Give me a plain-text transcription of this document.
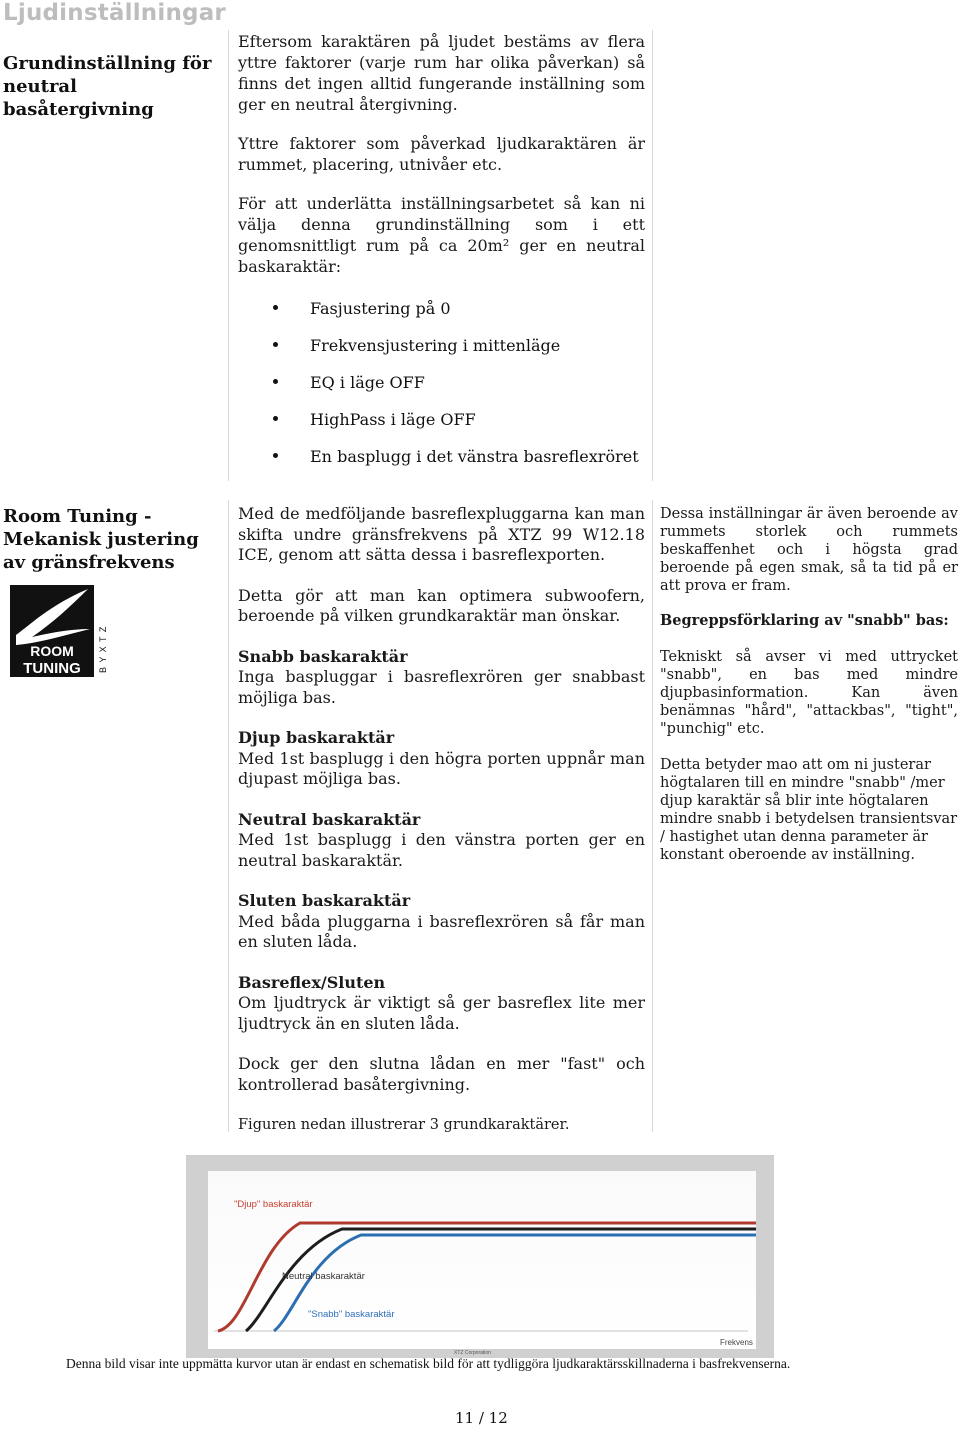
Ljudinställningar
Grundinställning för neutral basåtergivning

Eftersom karaktären på ljudet bestäms av flera yttre faktorer (varje rum har olika påverkan) så finns det ingen alltid fungerande inställning som ger en neutral återgivning.

Yttre faktorer som påverkad ljudkaraktären är rummet, placering, utnivåer etc.

För att underlätta inställningsarbetet så kan ni välja denna grundinställning som i ett genomsnittligt rum på ca 20m² ger en neutral baskaraktär:

Fasjustering på 0
Frekvensjustering i mittenläge
EQ i läge OFF
HighPass i läge OFF
En basplugg i det vänstra basreflexröret
Room Tuning - Mekanisk justering av gränsfrekvens
ROOM
TUNING B Y X T Z

Med de medföljande basreflexpluggarna kan man skifta undre gränsfrekvens på XTZ 99 W12.18 ICE, genom att sätta dessa i basreflexporten.

Detta gör att man kan optimera subwoofern, beroende på vilken grundkaraktär man önskar.

Snabb baskaraktär

Inga baspluggar i basreflexrören ger snabbast möjliga bas.

Djup baskaraktär

Med 1st basplugg i den högra porten uppnår man djupast möjliga bas.

Neutral baskaraktär

Med 1st basplugg i den vänstra porten ger en neutral baskaraktär.

Sluten baskaraktär

Med båda pluggarna i basreflexrören så får man en sluten låda.

Basreflex/Sluten

Om ljudtryck är viktigt så ger basreflex lite mer ljudtryck än en sluten låda.

Dock ger den slutna lådan en mer "fast" och kontrollerad basåtergivning.

Figuren nedan illustrerar 3 grundkaraktärer.

Dessa inställningar är även beroende av rummets storlek och rummets beskaffenhet och i högsta grad beroende på egen smak, så ta tid på er att prova er fram.

Begreppsförklaring av "snabb" bas:

Tekniskt så avser vi med uttrycket "snabb", en bas med mindre djupbasinformation. Kan även benämnas "hård", "attackbas", "tight", "punchig" etc.

Detta betyder mao att om ni justerar högtalaren till en mindre "snabb" /mer djup karaktär så blir inte högtalaren mindre snabb i betydelsen transientsvar / hastighet utan denna parameter är konstant oberoende av inställning.

"Djup" baskaraktär
Neutral baskaraktär
"Snabb" baskaraktär
Frekvens
XTZ Corporation
Denna bild visar inte uppmätta kurvor utan är endast en schematisk bild för att tydliggöra ljudkaraktärsskillnaderna i basfrekvenserna.
11 / 12
